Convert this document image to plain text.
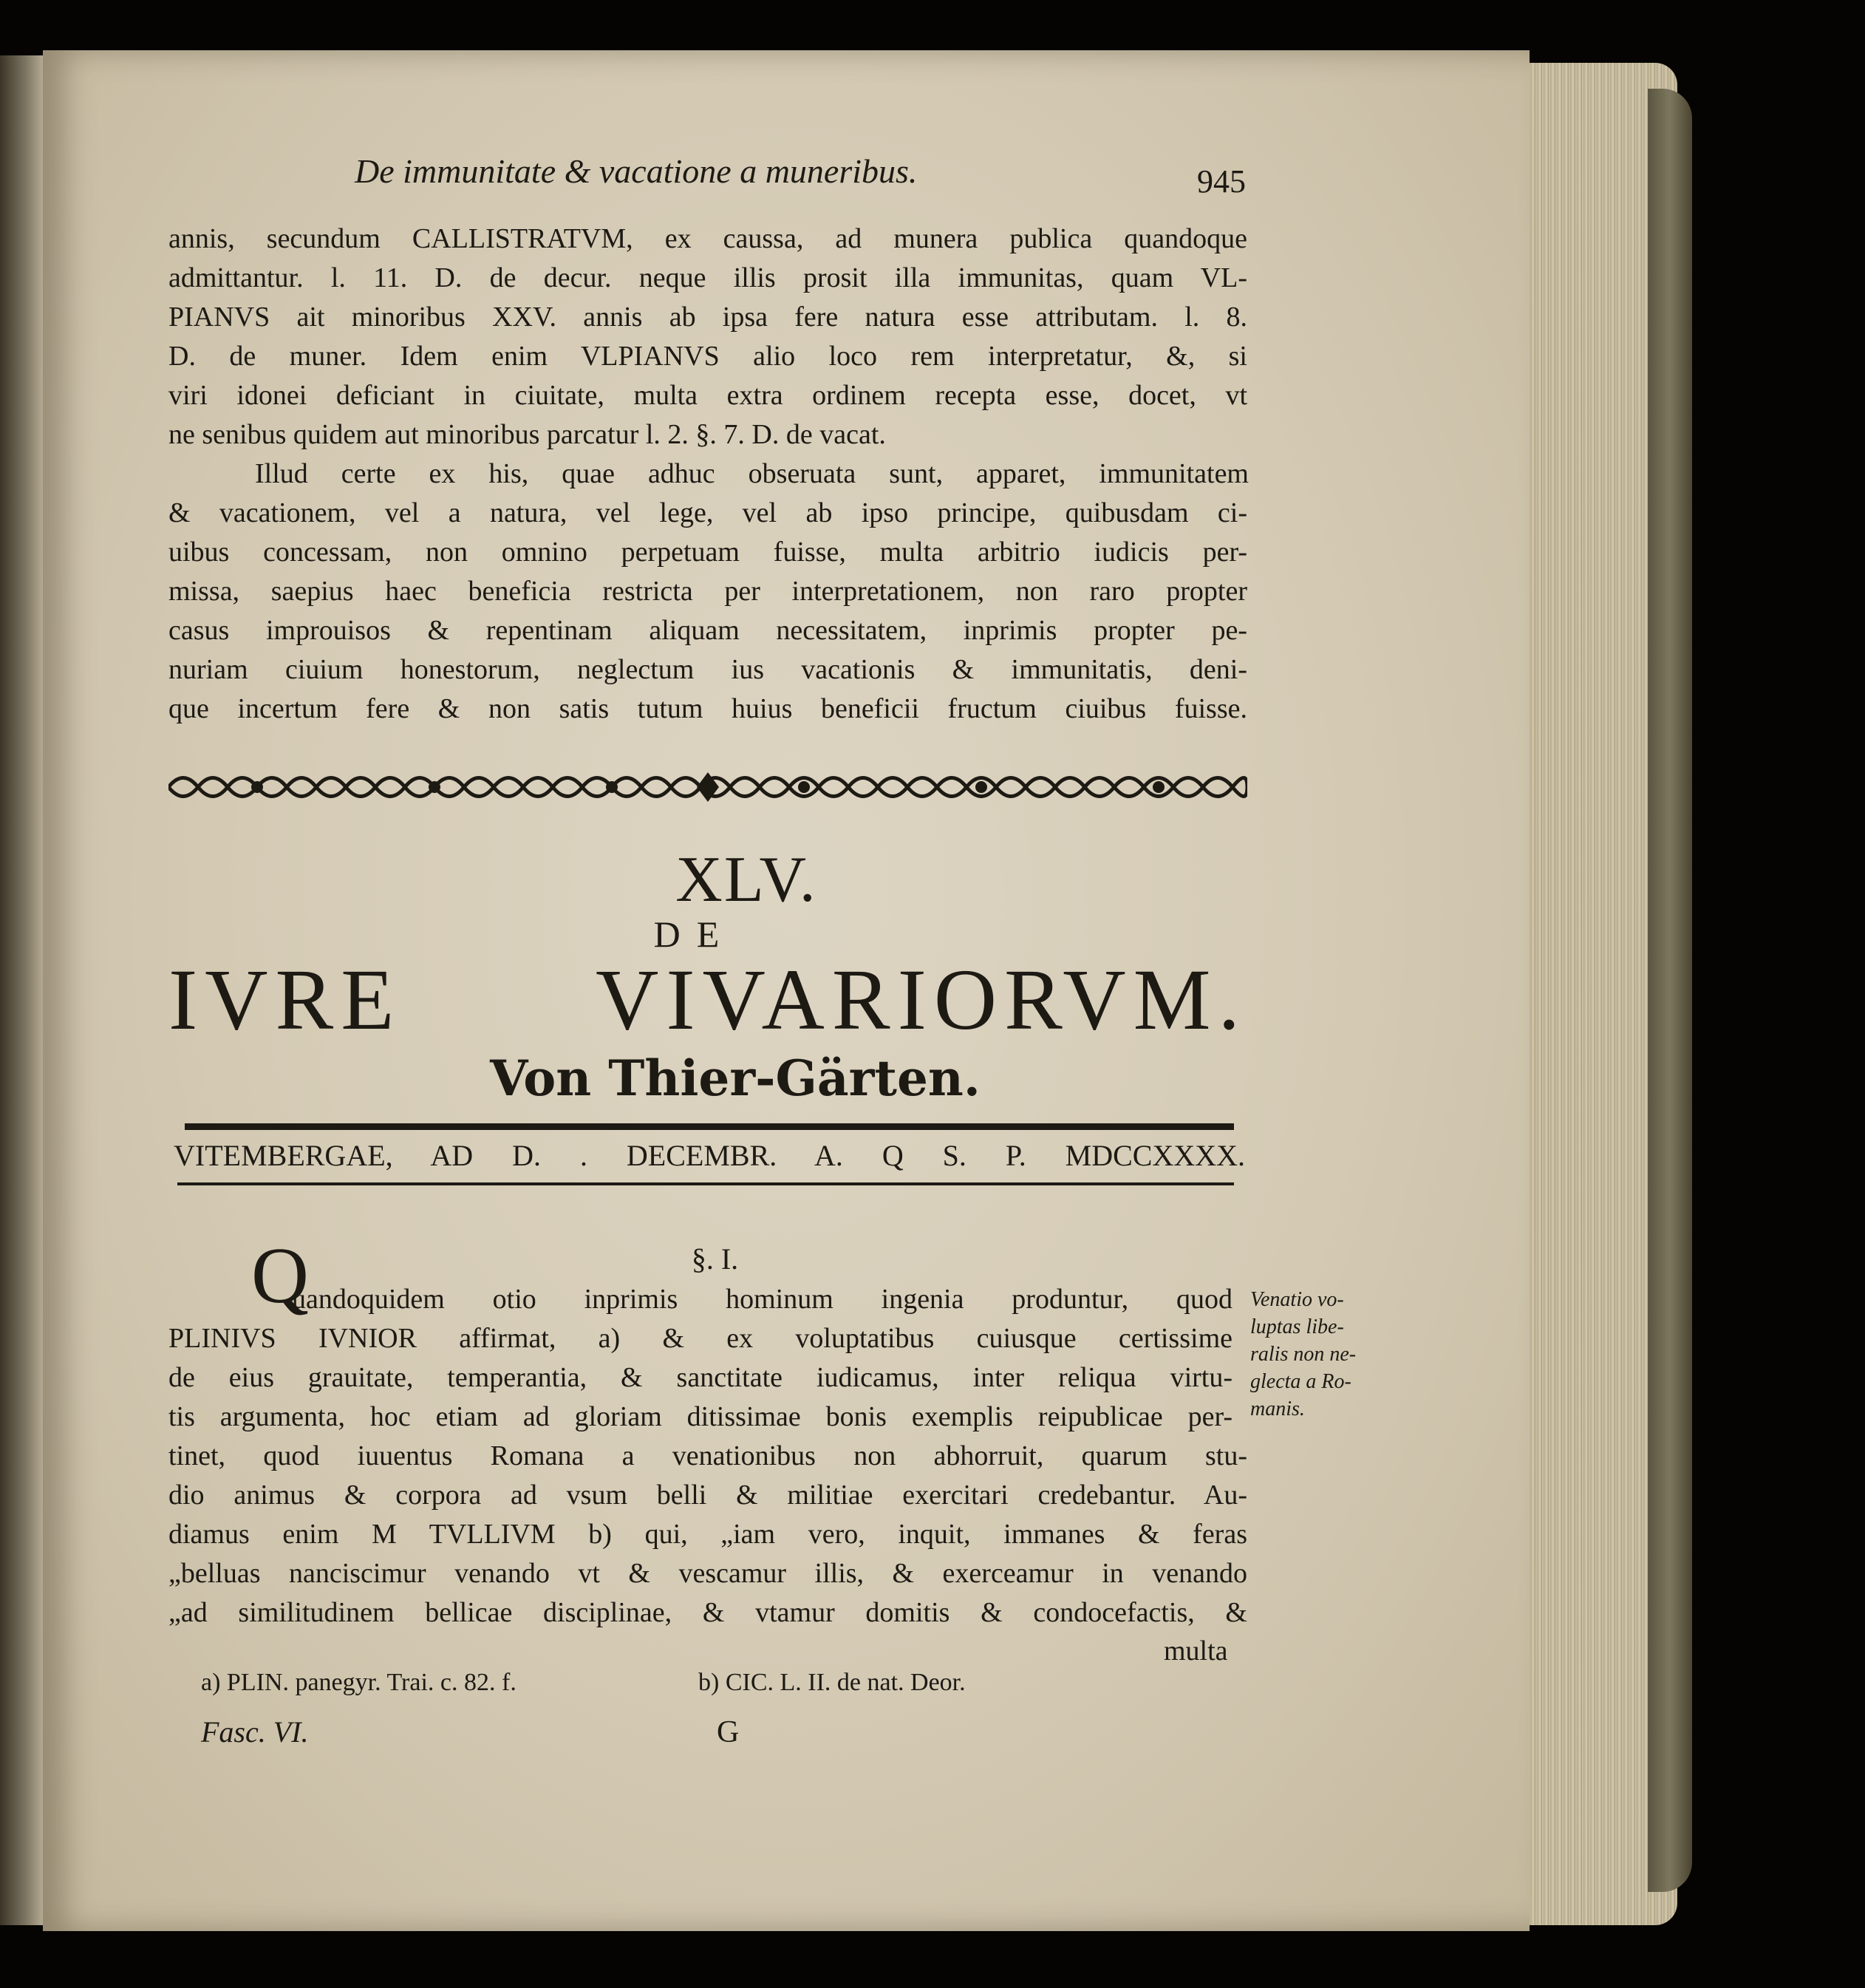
De immunitate & vacatione a muneribus.	945
annis, secundum CALLISTRATVM, ex caussa, ad munera publica quandoque
admittantur. l. 11. D. de decur. neque illis prosit illa immunitas, quam VL-
PIANVS ait minoribus XXV. annis ab ipsa fere natura esse attributam. l. 8.
D. de muner. Idem enim VLPIANVS alio loco rem interpretatur, &, si
viri idonei deficiant in ciuitate, multa extra ordinem recepta esse, docet, vt
ne senibus quidem aut minoribus parcatur l. 2. §. 7. D. de vacat.
Illud certe ex his, quae adhuc obseruata sunt, apparet, immunitatem
& vacationem, vel a natura, vel lege, vel ab ipso principe, quibusdam ci-
uibus concessam, non omnino perpetuam fuisse, multa arbitrio iudicis per-
missa, saepius haec beneficia restricta per interpretationem, non raro propter
casus improuisos & repentinam aliquam necessitatem, inprimis propter pe-
nuriam ciuium honestorum, neglectum ius vacationis & immunitatis, deni-
que incertum fere & non satis tutum huius beneficii fructum ciuibus fuisse.
XLV.
DE
IVRE VIVARIORVM.
Von Thier-Gärten.
VITEMBERGAE, AD D. . DECEMBR. A. Q S. P. MDCCXXXX.
§. I.
Q
uandoquidem otio inprimis hominum ingenia produntur, quod
PLINIVS IVNIOR affirmat, a) & ex voluptatibus cuiusque certissime
de eius grauitate, temperantia, & sanctitate iudicamus, inter reliqua virtu-
tis argumenta, hoc etiam ad gloriam ditissimae bonis exemplis reipublicae per-
tinet, quod iuuentus Romana a venationibus non abhorruit, quarum stu-
dio animus & corpora ad vsum belli & militiae exercitari credebantur. Au-
diamus enim M TVLLIVM b) qui, „iam vero, inquit, immanes & feras
„belluas nanciscimur venando vt & vescamur illis, & exerceamur in venando
„ad similitudinem bellicae disciplinae, & vtamur domitis & condocefactis, &
multa
Venatio vo-
luptas libe-
ralis non ne-
glecta a Ro-
manis.
a) PLIN. panegyr. Trai. c. 82. f.	b) CIC. L. II. de nat. Deor.
Fasc. VI.	G
